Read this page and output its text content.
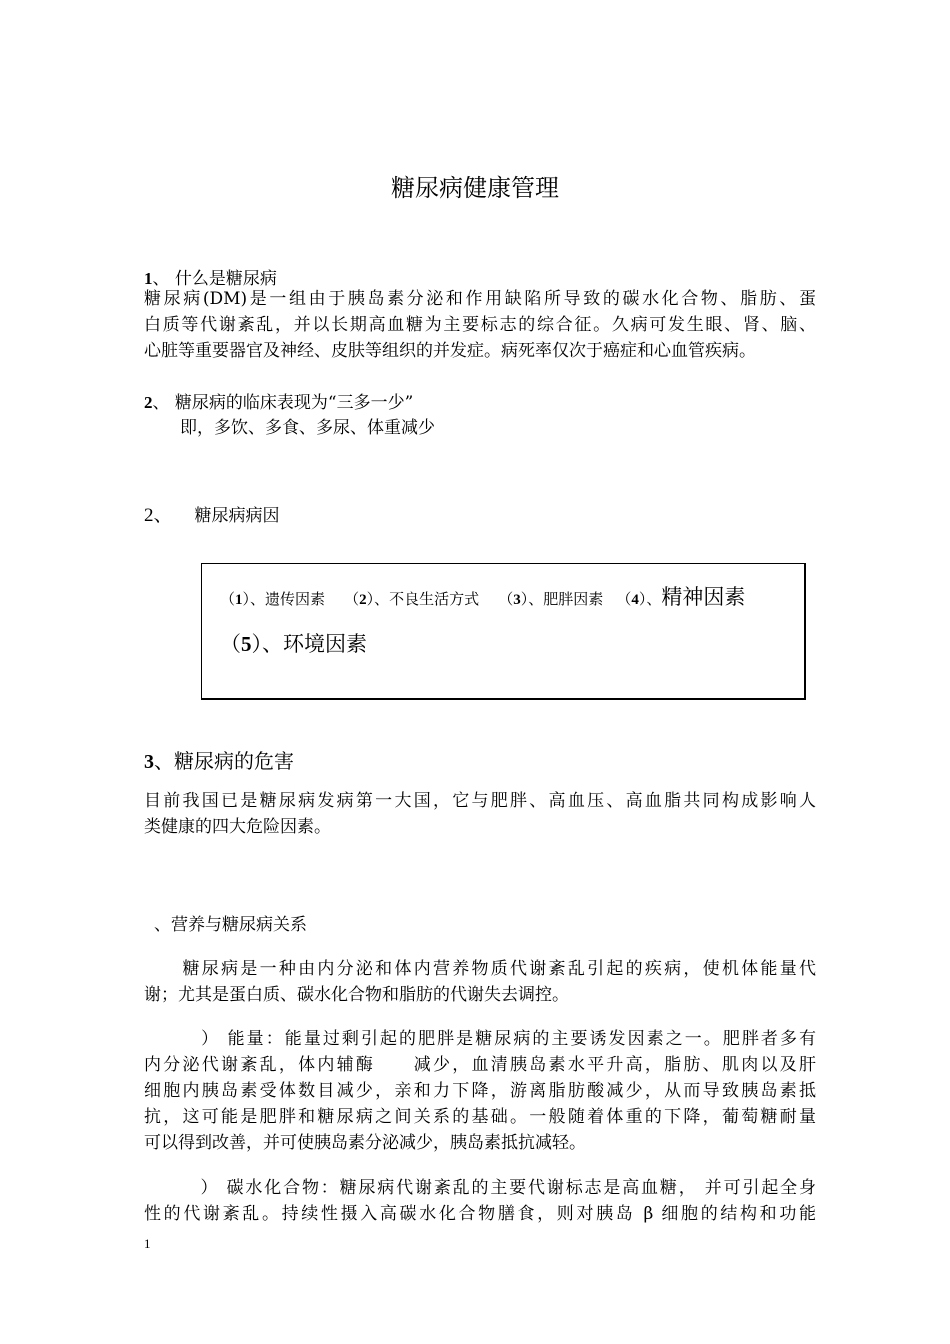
糖尿病健康管理
1、 什么是糖尿病
糖尿病(DM)是一组由于胰岛素分泌和作用缺陷所导致的碳水化合物、脂肪、蛋
白质等代谢紊乱，并以长期高血糖为主要标志的综合征。久病可发生眼、肾、脑、
心脏等重要器官及神经、皮肤等组织的并发症。病死率仅次于癌症和心血管疾病。
2、 糖尿病的临床表现为“三多一少”
即，多饮、多食、多尿、体重减少
2、 糖尿病病因
（1）、遗传因素 （2）、不良生活方式 （3）、肥胖因素 （4）、精神因素
（5）、环境因素
3、糖尿病的危害
目前我国已是糖尿病发病第一大国，它与肥胖、高血压、高血脂共同构成影响人
类健康的四大危险因素。
、营养与糖尿病关系
　　糖尿病是一种由内分泌和体内营养物质代谢紊乱引起的疾病，使机体能量代
谢；尤其是蛋白质、碳水化合物和脂肪的代谢失去调控。
　　　） 能量：能量过剩引起的肥胖是糖尿病的主要诱发因素之一。肥胖者多有
内分泌代谢紊乱，体内辅酶　　减少，血清胰岛素水平升高，脂肪、肌肉以及肝
细胞内胰岛素受体数目减少，亲和力下降，游离脂肪酸减少，从而导致胰岛素抵
抗，这可能是肥胖和糖尿病之间关系的基础。一般随着体重的下降，葡萄糖耐量
可以得到改善，并可使胰岛素分泌减少，胰岛素抵抗减轻。
　　　） 碳水化合物：糖尿病代谢紊乱的主要代谢标志是高血糖， 并可引起全身
性的代谢紊乱。持续性摄入高碳水化合物膳食，则对胰岛 β 细胞的结构和功能
1
